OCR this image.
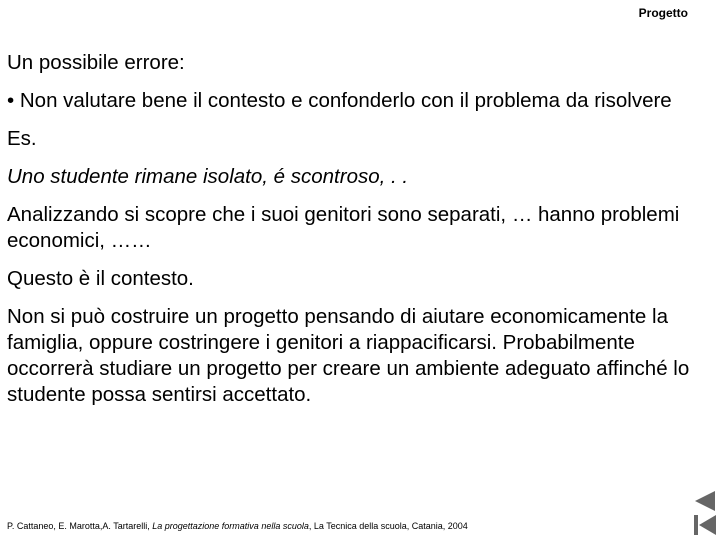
Progetto

Un possibile errore:

• Non valutare bene il contesto e confonderlo con il problema da risolvere

Es.

Uno studente rimane isolato, é scontroso, . .

Analizzando si scopre che i suoi genitori sono separati, … hanno problemi economici, ……

Questo è il contesto.

Non si può costruire un progetto pensando di aiutare economicamente la famiglia, oppure costringere i genitori a riappacificarsi. Probabilmente occorrerà studiare un progetto per creare un ambiente adeguato affinché lo studente possa sentirsi accettato.

P. Cattaneo, E. Marotta,A. Tartarelli, La progettazione formativa nella scuola, La Tecnica della scuola, Catania, 2004
